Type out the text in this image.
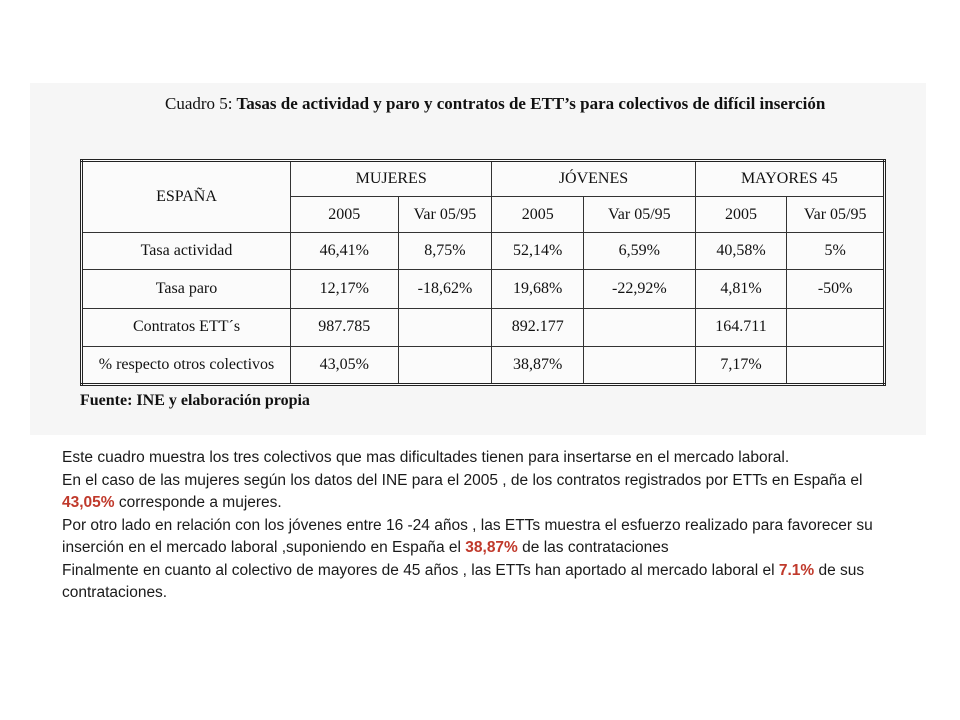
Cuadro 5: Tasas de actividad y paro y contratos de ETT’s para colectivos de difícil inserción
ESPAÑA	MUJERES		JÓVENES		MAYORES 45	
	2005	Var 05/95	2005	Var 05/95	2005	Var 05/95
Tasa actividad	46,41%	8,75%	52,14%	6,59%	40,58%	5%
Tasa paro	12,17%	-18,62%	19,68%	-22,92%	4,81%	-50%
Contratos ETT´s	987.785		892.177		164.711	
% respecto otros colectivos	43,05%		38,87%		7,17%	
Fuente: INE y elaboración propia

Este cuadro muestra los tres colectivos que mas dificultades tienen para insertarse en el mercado laboral.

En el caso de las mujeres según los datos del INE para el 2005 , de los contratos registrados por ETTs en España el 43,05% corresponde a mujeres.

Por otro lado en relación con los jóvenes entre 16 -24 años , las ETTs muestra el esfuerzo realizado para favorecer su inserción en el mercado laboral ,suponiendo en España el 38,87% de las contrataciones

Finalmente en cuanto al colectivo de mayores de 45 años , las ETTs han aportado al mercado laboral el 7.1% de sus contrataciones.
